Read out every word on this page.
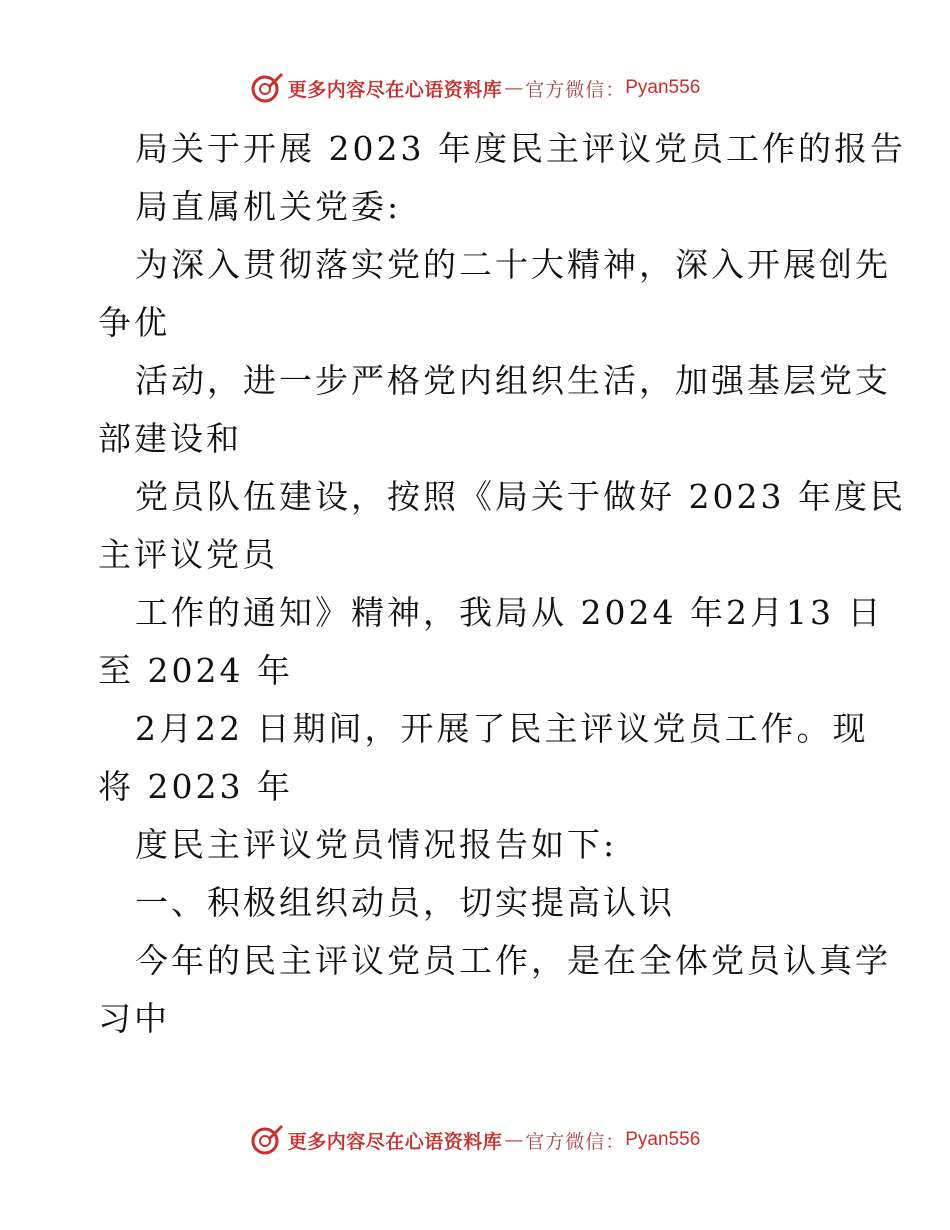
更多内容尽在心语资料库 — 官方微信： Pyan556
局关于开展 2023 年度民主评议党员工作的报告
局直属机关党委:
为深入贯彻落实党的二十大精神，深入开展创先
争优
活动，进一步严格党内组织生活，加强基层党支
部建设和
党员队伍建设，按照《局关于做好 2023 年度民
主评议党员
工作的通知》精神，我局从 2024 年2月13 日
至 2024 年
2月22 日期间，开展了民主评议党员工作。现
将 2023 年
度民主评议党员情况报告如下:
一、积极组织动员，切实提高认识
今年的民主评议党员工作，是在全体党员认真学
习中
更多内容尽在心语资料库 — 官方微信： Pyan556
